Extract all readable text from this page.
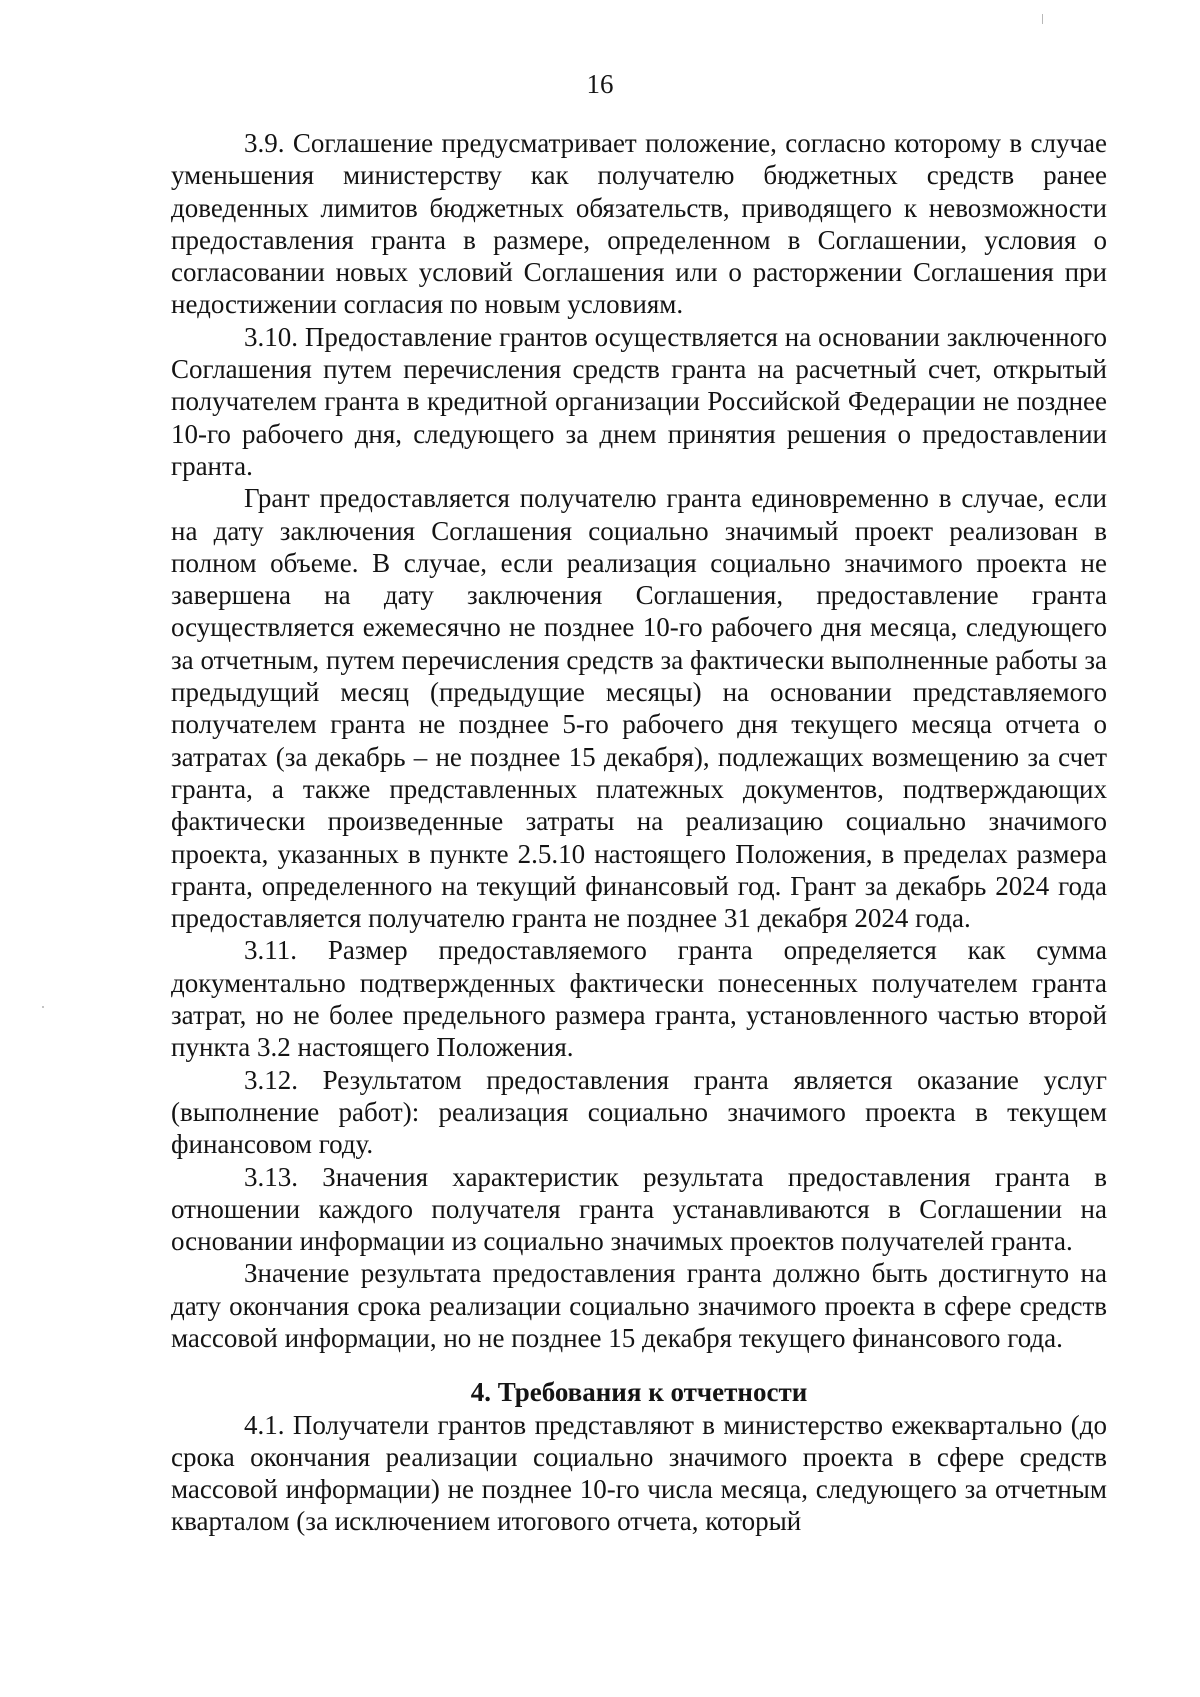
16

3.9. Соглашение предусматривает положение, согласно которому в случае уменьшения министерству как получателю бюджетных средств ранее доведенных лимитов бюджетных обязательств, приводящего к невозможности предоставления гранта в размере, определенном в Соглашении, условия о согласовании новых условий Соглашения или о расторжении Соглашения при недостижении согласия по новым условиям.

3.10. Предоставление грантов осуществляется на основании заключенного Соглашения путем перечисления средств гранта на расчетный счет, открытый получателем гранта в кредитной организации Российской Федерации не позднее 10-го рабочего дня, следующего за днем принятия решения о предоставлении гранта.

Грант предоставляется получателю гранта единовременно в случае, если на дату заключения Соглашения социально значимый проект реализован в полном объеме. В случае, если реализация социально значимого проекта не завершена на дату заключения Соглашения, предоставление гранта осуществляется ежемесячно не позднее 10-го рабочего дня месяца, следующего за отчетным, путем перечисления средств за фактически выполненные работы за предыдущий месяц (предыдущие месяцы) на основании представляемого получателем гранта не позднее 5-го рабочего дня текущего месяца отчета о затратах (за декабрь – не позднее 15 декабря), подлежащих возмещению за счет гранта, а также представленных платежных документов, подтверждающих фактически произведенные затраты на реализацию социально значимого проекта, указанных в пункте 2.5.10 настоящего Положения, в пределах размера гранта, определенного на текущий финансовый год. Грант за декабрь 2024 года предоставляется получателю гранта не позднее 31 декабря 2024 года.

3.11. Размер предоставляемого гранта определяется как сумма документально подтвержденных фактически понесенных получателем гранта затрат, но не более предельного размера гранта, установленного частью второй пункта 3.2 настоящего Положения.

3.12. Результатом предоставления гранта является оказание услуг (выполнение работ): реализация социально значимого проекта в текущем финансовом году.

3.13. Значения характеристик результата предоставления гранта в отношении каждого получателя гранта устанавливаются в Соглашении на основании информации из социально значимых проектов получателей гранта.

Значение результата предоставления гранта должно быть достигнуто на дату окончания срока реализации социально значимого проекта в сфере средств массовой информации, но не позднее 15 декабря текущего финансового года.

4. Требования к отчетности

4.1. Получатели грантов представляют в министерство ежеквартально (до срока окончания реализации социально значимого проекта в сфере средств массовой информации) не позднее 10-го числа месяца, следующего за отчетным кварталом (за исключением итогового отчета, который
